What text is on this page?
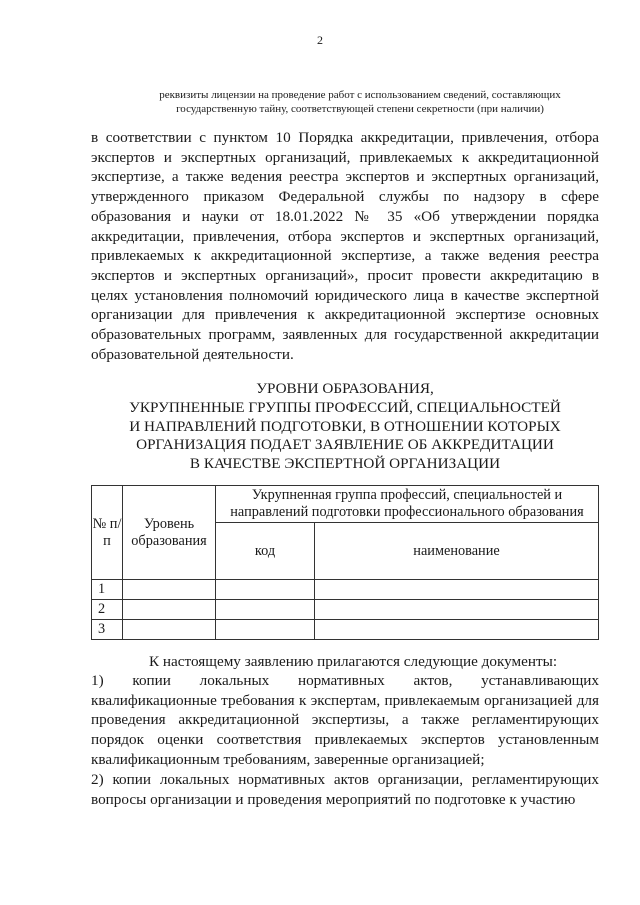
2
реквизиты лицензии на проведение работ с использованием сведений, составляющих
государственную тайну, соответствующей степени секретности (при наличии)

в соответствии с пунктом 10 Порядка аккредитации, привлечения, отбора экспертов и экспертных организаций, привлекаемых к аккредитационной экспертизе, а также ведения реестра экспертов и экспертных организаций, утвержденного приказом Федеральной службы по надзору в сфере образования и науки от 18.01.2022 № 35 «Об утверждении порядка аккредитации, привлечения, отбора экспертов и экспертных организаций, привлекаемых к аккредитационной экспертизе, а также ведения реестра экспертов и экспертных организаций», просит провести аккредитацию в целях установления полномочий юридического лица в качестве экспертной организации для привлечения к аккредитационной экспертизе основных образовательных программ, заявленных для государственной аккредитации образовательной деятельности.

УРОВНИ ОБРАЗОВАНИЯ,
УКРУПНЕННЫЕ ГРУППЫ ПРОФЕССИЙ, СПЕЦИАЛЬНОСТЕЙ
И НАПРАВЛЕНИЙ ПОДГОТОВКИ, В ОТНОШЕНИИ КОТОРЫХ
ОРГАНИЗАЦИЯ ПОДАЕТ ЗАЯВЛЕНИЕ ОБ АККРЕДИТАЦИИ
В КАЧЕСТВЕ ЭКСПЕРТНОЙ ОРГАНИЗАЦИИ
№ п/п	Уровень образования	Укрупненная группа профессий, специальностей и направлений подготовки профессионального образования	
		код	наименование
1			
2			
3			

К настоящему заявлению прилагаются следующие документы:

1) копии локальных нормативных актов, устанавливающих квалификационные требования к экспертам, привлекаемым организацией для проведения аккредитационной экспертизы, а также регламентирующих порядок оценки соответствия привлекаемых экспертов установленным квалификационным требованиям, заверенные организацией;

2) копии локальных нормативных актов организации, регламентирующих вопросы организации и проведения мероприятий по подготовке к участию
